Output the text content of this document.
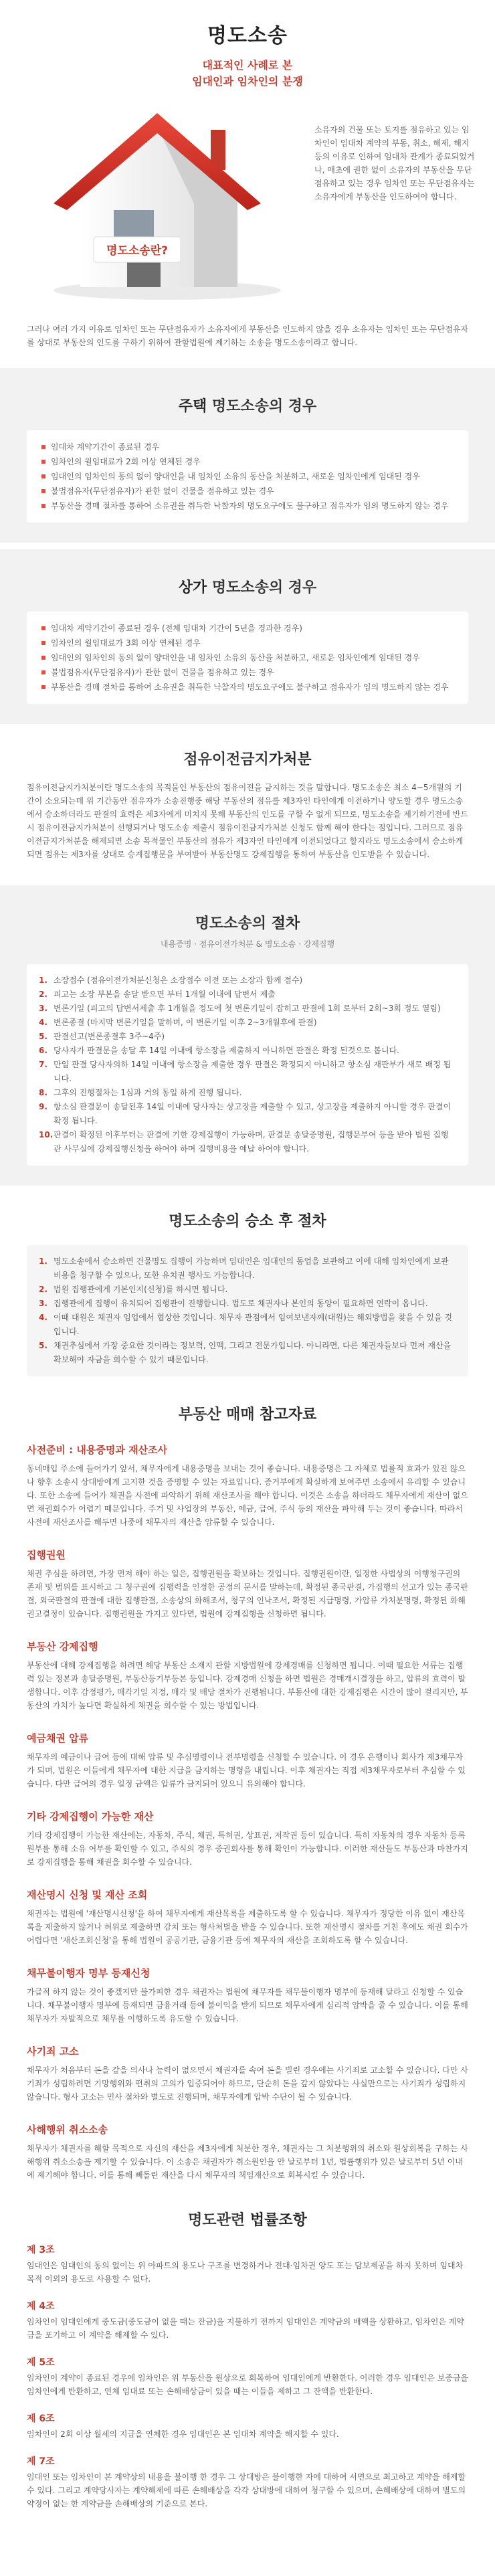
명도소송
대표적인 사례로 본
임대인과 임차인의 분쟁
명도소송란?
소유자의 건물 또는 토지를 점유하고 있는 임차인이 임대차 계약의 부동, 취소, 해제, 해지 등의 이유로 인하여 임대차 관계가 종료되었거나, 애초에 권한 없이 소유자의 부동산을 무단점유하고 있는 경우 임차인 또는 무단점유자는 소유자에게 부동산을 인도하여야 합니다.
그러나 여러 가지 이유로 임차인 또는 무단점유자가 소유자에게 부동산을 인도하지 않을 경우 소유자는 임차인 또는 무단점유자를 상대로 부동산의 인도를 구하기 위하여 관할법원에 제기하는 소송을 명도소송이라고 합니다.
주택 명도소송의 경우
임대차 계약기간이 종료된 경우
임차인의 월임대료가 2회 이상 연체된 경우
임대인의 임차인의 동의 없이 양대인을 내 임차인 소유의 동산을 처분하고, 새로운 임차인에게 임대된 경우
불법점유자(무단점유자)가 관한 없이 건물을 점유하고 있는 경우
부동산을 경매 절차를 통하여 소유권을 취득한 낙찰자의 명도요구에도 불구하고 점유자가 임의 명도하지 않는 경우
상가 명도소송의 경우
임대차 계약기간이 종료된 경우 (전체 임대차 기간이 5년을 경과한 경우)
임차인의 월임대료가 3회 이상 연체된 경우
임대인의 임차인의 동의 없이 양대인을 내 임차인 소유의 동산을 처분하고, 새로운 임차인에게 임대된 경우
불법점유자(무단점유자)가 관한 없이 건물을 점유하고 있는 경우
부동산을 경매 절차를 통하여 소유권을 취득한 낙찰자의 명도요구에도 불구하고 점유자가 임의 명도하지 않는 경우
점유이전금지가처분
점유이전금지가처분이란 명도소송의 목적물인 부동산의 점유이전을 금지하는 것을 말합니다. 명도소송은 최소 4~5개월의 기간이 소요되는데 위 기간동안 점유자가 소송진행중 해당 부동산의 점유를 제3자인 타인에게 이전하거나 양도할 경우 명도소송에서 승소하더라도 판결의 효력은 제3자에게 미치지 못해 부동산의 인도를 구할 수 없게 되므로, 명도소송을 제기하기전에 반드시 점유이전금지가처분이 선행되거나 명도소송 제출시 점유이전금지가처분 신청도 함께 해야 한다는 점입니다. 그러므로 점유이전금지가처분을 해제되면 소송 목적물인 부동산의 점유가 제3자인 타인에게 이전되었다고 할지라도 명도소송에서 승소하게 되면 점유는 제3자를 상대로 승계집행문을 부여받아 부동산명도 강제집행을 통하여 부동산을 인도받을 수 있습니다.
명도소송의 절차
내용증명 · 점유이전가처분 & 명도소송 · 강제집행
1. 소장접수 (점유이전가처분신청은 소장접수 이전 또는 소장과 함께 접수)
2. 피고는 소장 부본을 송달 받으면 부터 1개월 이내에 답변서 제출
3. 변론기일 (피고의 답변서제출 후 1개월을 정도에 첫 변론기일이 잡히고 판결에 1회 로부터 2회~3회 정도 열림)
4. 변론종결 (마지막 변론기일을 말하며, 이 변론기일 이후 2~3개월후에 판결)
5. 판결선고(변론종결후 3주~4주)
6. 당사자가 판결문을 송달 후 14일 이내에 항소장을 제출하지 아니하면 판결은 확정 된것으로 봅니다.
7. 만일 판결 당사자의하 14일 이내에 항소장을 제출한 경우 판결은 확정되지 아니하고 항소심 재판부가 새로 배정 됩니다.
8. 그후의 진행절차는 1심과 거의 동일 하게 진행 됩니다.
9. 항소심 판결문이 송달된후 14일 이내에 당사자는 상고장을 제출할 수 있고, 상고장을 제출하지 아니할 경우 판결이 확정 됩니다.
10. 판결이 확정된 이후부터는 판결에 기한 강제집행이 가능하며, 판결문 송달증명원, 집행문부여 등을 받아 법원 집행관 사무실에 강제집행신청을 하여야 하며 집행비용을 예납 하여야 합니다.
명도소송의 승소 후 절차
1. 명도소송에서 승소하면 건물명도 집행이 가능하며 임대인은 임대인의 동업을 보관하고 이에 대해 임차인에게 보관비용을 청구할 수 있으나, 또한 유치권 행사도 가능합니다.
2. 법원 집행관에게 기본인지(신청)를 하시면 됩니다.
3. 집행관에게 집행이 유치되어 집행관이 진행합니다. 법도로 채권자나 본인의 동양이 필요하면 연락이 옵니다.
4. 이때 대원은 채권자 임업에서 협상한 것입니다. 채무자 관점에서 임여보낸자께(대원)는 해외방법을 찾을 수 있을 것입니다.
5. 채권추심에서 가장 중요한 것이라는 정보력, 인맥, 그리고 전문가입니다. 아니라면, 다른 채권자들보다 먼저 재산을 확보해야 자금을 회수할 수 있기 때문입니다.
부동산 매매 참고자료
사전준비 : 내용증명과 재산조사
동네매입 주소에 들어가기 앞서, 채무자에게 내용증명을 보내는 것이 좋습니다. 내용증명은 그 자체로 법률적 효과가 있진 않으나 향후 소송시 상대방에게 고지한 것을 증명할 수 있는 자료입니다. 증거부에게 확실하게 보여주면 소송에서 유리할 수 있습니다. 또한 소송에 들어가 채권을 사전에 파악하기 위해 재산조사를 해야 합니다. 이것은 소송을 하더라도 채무자에게 재산이 없으면 채권회수가 어렵기 때문입니다. 주거 및 사업장의 부동산, 예금, 급여, 주식 등의 재산을 파악해 두는 것이 좋습니다. 따라서 사전에 재산조사를 해두면 나중에 채무자의 재산을 압류할 수 있습니다.
집행권원
채권 추심을 하려면, 가장 먼저 해야 하는 일은, 집행권원을 확보하는 것입니다. 집행권원이란, 일정한 사법상의 이행청구권의 존재 및 범위를 표시하고 그 청구권에 집행력을 인정한 공정의 문서를 말하는데, 확정된 종국판결, 가집행의 선고가 있는 종국판결, 외국판결의 판결에 대한 집행판결, 소송상의 화해조서, 청구의 인낙조서, 확정된 지급명령, 가압류 가처분명령, 확정된 화해권고결정이 있습니다. 집행권원을 가지고 있다면, 법원에 강제집행을 신청하면 됩니다.
부동산 강제집행
부동산에 대해 강제집행을 하려면 해당 부동산 소재지 관할 지방법원에 강제경매를 신청하면 됩니다. 이때 필요한 서류는 집행력 있는 정본과 송달증명원, 부동산등기부등본 등입니다. 강제경매 신청을 하면 법원은 경매개시결정을 하고, 압류의 효력이 발생합니다. 이후 감정평가, 매각기일 지정, 매각 및 배당 절차가 진행됩니다. 부동산에 대한 강제집행은 시간이 많이 걸리지만, 부동산의 가치가 높다면 확실하게 채권을 회수할 수 있는 방법입니다.
예금채권 압류
채무자의 예금이나 급여 등에 대해 압류 및 추심명령이나 전부명령을 신청할 수 있습니다. 이 경우 은행이나 회사가 제3채무자가 되며, 법원은 이들에게 채무자에 대한 지급을 금지하는 명령을 내립니다. 이후 채권자는 직접 제3채무자로부터 추심할 수 있습니다. 다만 급여의 경우 일정 금액은 압류가 금지되어 있으니 유의해야 합니다.
기타 강제집행이 가능한 재산
기타 강제집행이 가능한 재산에는, 자동차, 주식, 채권, 특허권, 상표권, 저작권 등이 있습니다. 특히 자동차의 경우 자동차 등록원부를 통해 소유 여부를 확인할 수 있고, 주식의 경우 증권회사를 통해 확인이 가능합니다. 이러한 재산들도 부동산과 마찬가지로 강제집행을 통해 채권을 회수할 수 있습니다.
재산명시 신청 및 재산 조회
채권자는 법원에 '재산명시신청'을 하여 채무자에게 재산목록을 제출하도록 할 수 있습니다. 채무자가 정당한 이유 없이 재산목록을 제출하지 않거나 허위로 제출하면 감치 또는 형사처벌을 받을 수 있습니다. 또한 재산명시 절차를 거친 후에도 채권 회수가 어렵다면 '재산조회신청'을 통해 법원이 공공기관, 금융기관 등에 채무자의 재산을 조회하도록 할 수 있습니다.
채무불이행자 명부 등재신청
가급적 하지 않는 것이 좋겠지만 불가피한 경우 채권자는 법원에 채무자를 채무불이행자 명부에 등재해 달라고 신청할 수 있습니다. 채무불이행자 명부에 등재되면 금융거래 등에 불이익을 받게 되므로 채무자에게 심리적 압박을 줄 수 있습니다. 이를 통해 채무자가 자발적으로 채무를 이행하도록 유도할 수 있습니다.
사기죄 고소
채무자가 처음부터 돈을 갚을 의사나 능력이 없으면서 채권자를 속여 돈을 빌린 경우에는 사기죄로 고소할 수 있습니다. 다만 사기죄가 성립하려면 기망행위와 편취의 고의가 입증되어야 하므로, 단순히 돈을 갚지 않았다는 사실만으로는 사기죄가 성립하지 않습니다. 형사 고소는 민사 절차와 별도로 진행되며, 채무자에게 압박 수단이 될 수 있습니다.
사해행위 취소소송
채무자가 채권자를 해할 목적으로 자신의 재산을 제3자에게 처분한 경우, 채권자는 그 처분행위의 취소와 원상회복을 구하는 사해행위 취소소송을 제기할 수 있습니다. 이 소송은 채권자가 취소원인을 안 날로부터 1년, 법률행위가 있은 날로부터 5년 이내에 제기해야 합니다. 이를 통해 빼돌린 재산을 다시 채무자의 책임재산으로 회복시킬 수 있습니다.
명도관련 법률조항
제 3조
임대인은 임대인의 동의 없이는 위 아파트의 용도나 구조를 변경하거나 전대·임차권 양도 또는 담보제공을 하지 못하며 임대차 목적 이외의 용도로 사용할 수 없다.
제 4조
임차인이 임대인에게 중도금(중도금이 없을 때는 잔금)을 지불하기 전까지 임대인은 계약금의 배액을 상환하고, 임차인은 계약금을 포기하고 이 계약을 해제할 수 있다.
제 5조
임차인이 계약이 종료된 경우에 임차인은 위 부동산을 원상으로 회복하여 임대인에게 반환한다. 이러한 경우 임대인은 보증금을 임차인에게 반환하고, 연체 임대료 또는 손해배상금이 있을 때는 이들을 제하고 그 잔액을 반환한다.
제 6조
임차인이 2회 이상 월세의 지급을 연체한 경우 임대인은 본 임대차 계약을 해지할 수 있다.
제 7조
임대인 또는 임차인이 본 계약상의 내용을 불이행 한 경우 그 상대방은 불이행한 자에 대하여 서면으로 최고하고 계약을 해제할 수 있다. 그리고 계약당사자는 계약해제에 따른 손해배상을 각각 상대방에 대하여 청구할 수 있으며, 손해배상에 대하여 별도의 약정이 없는 한 계약금을 손해배상의 기준으로 본다.
